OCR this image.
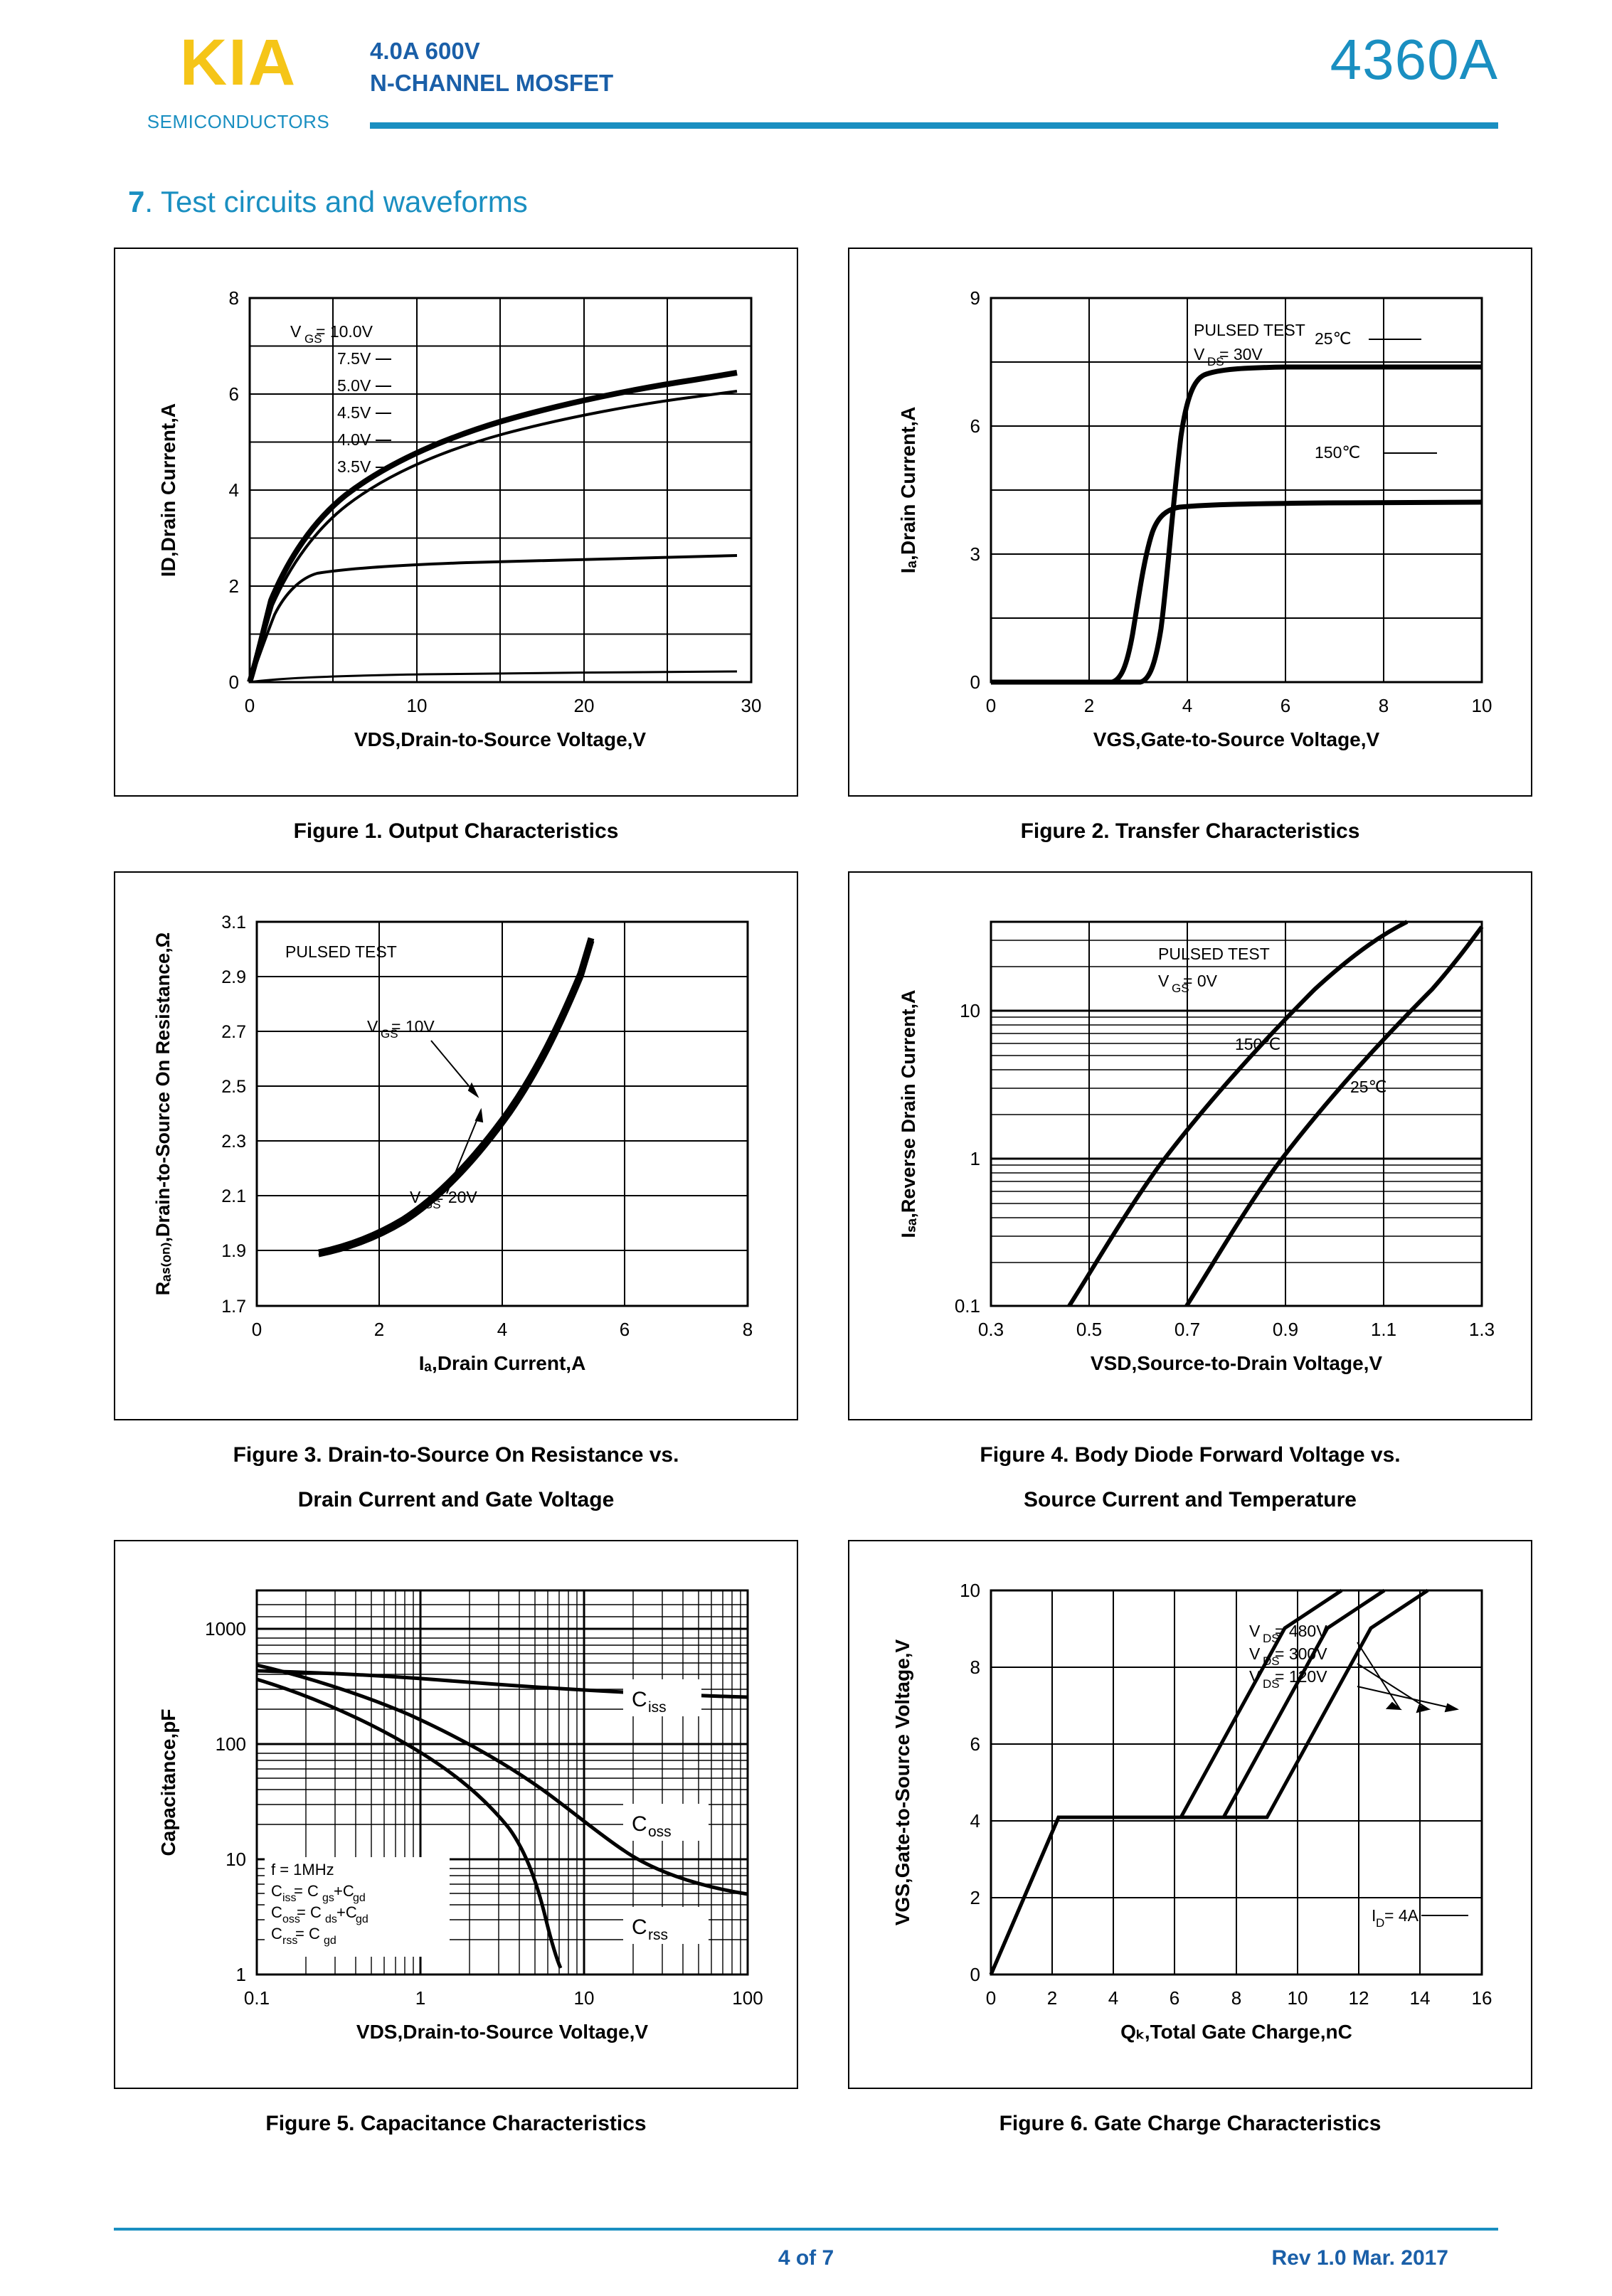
KIA
SEMICONDUCTORS
4.0A 600V
N-CHANNEL MOSFET	4360A
7. Test circuits and waveforms
V GS
= 10.0V
7.5V
5.0V
4.5V
4.0V
3.5V
0	10	20	30
0
2
4
6
8
VDS,Drain-to-Source Voltage,V
ID,Drain Current,A
Figure 1. Output Characteristics
PULSED TEST
V DS
= 30V
25℃
150℃
0	2	4	6	8	10
0
3
6
9
VGS,Gate-to-Source Voltage,V
Iₐ,Drain Current,A
Figure 2. Transfer Characteristics
PULSED TEST
V GS
= 10V
V GS
= 20V
0	2	4	6	8
1.7
1.9
2.1
2.3
2.5
2.7
2.9
3.1
Iₐ,Drain Current,A
Rₐₛ₍ₒₙ₎,Drain-to-Source On Resistance,Ω
Figure 3. Drain-to-Source On Resistance vs.
Drain Current and Gate Voltage
PULSED TEST
V GS
= 0V
150℃
25℃
0.3	0.5	0.7	0.9	1.1	1.3
0.1
1
10
VSD,Source-to-Drain Voltage,V
Iₛₐ,Reverse Drain Current,A
Figure 4. Body Diode Forward Voltage vs.
Source Current and Temperature
C iss
C oss
C rss
f = 1MHz
C iss
= C gs +C
gd
C oss
= C ds +C
gd
C rss
= C gd
0.1	1	10	100
1
10
100
1000
VDS,Drain-to-Source Voltage,V
Capacitance,pF
Figure 5. Capacitance Characteristics
V DS
= 480V
V DS
= 300V
V DS
= 120V
I D = 4A
0	2	4	6	8 10 12 14 16
0
2
4
6
8
10
Qₖ,Total Gate Charge,nC
VGS,Gate-to-Source Voltage,V
Figure 6. Gate Charge Characteristics
4 of 7	Rev 1.0 Mar. 2017
